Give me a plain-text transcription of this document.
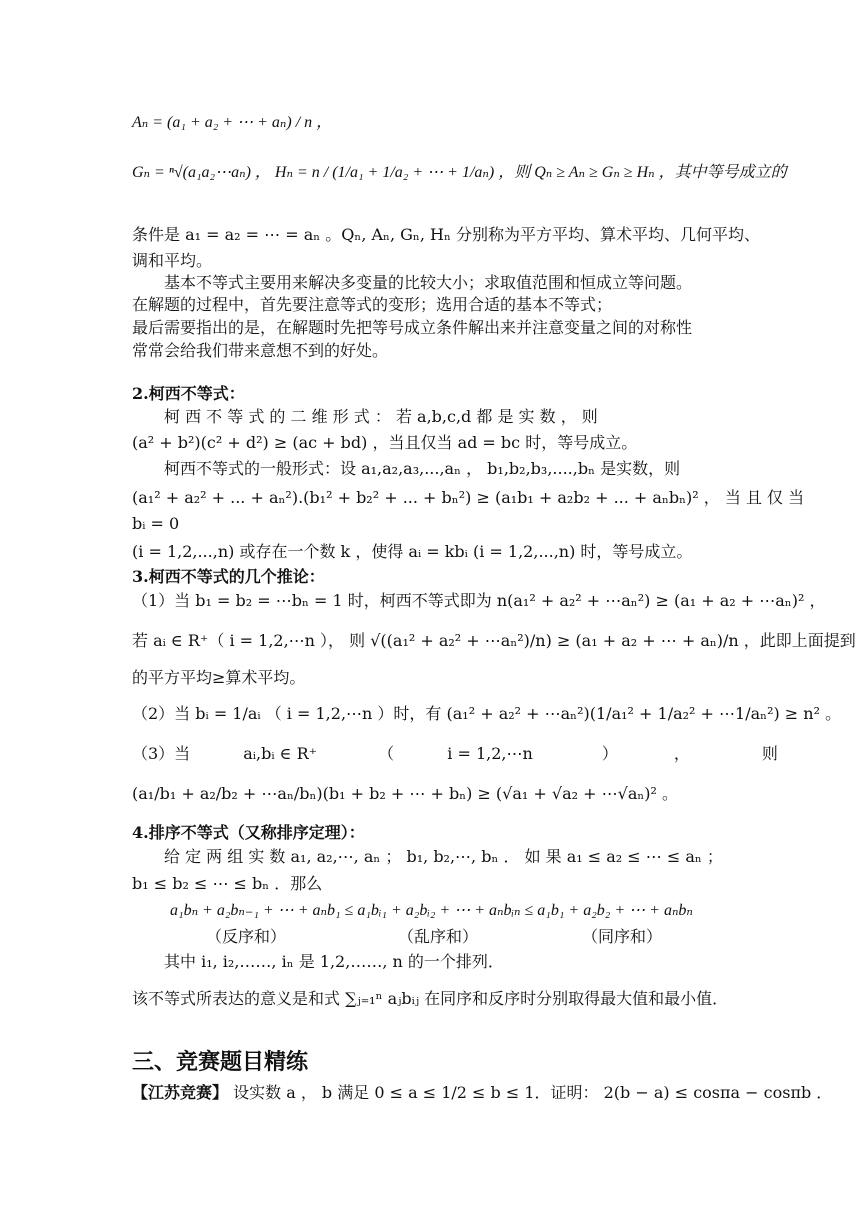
Aₙ = (a₁ + a₂ + ⋯ + aₙ) / n ，
Gₙ = ⁿ√(a₁a₂⋯aₙ) ， Hₙ = n / (1/a₁ + 1/a₂ + ⋯ + 1/aₙ) ，则 Qₙ ≥ Aₙ ≥ Gₙ ≥ Hₙ ，其中等号成立的
条件是 a₁ = a₂ = ⋯ = aₙ 。Qₙ, Aₙ, Gₙ, Hₙ 分别称为平方平均、算术平均、几何平均、
调和平均。
　　基本不等式主要用来解决多变量的比较大小；求取值范围和恒成立等问题。
在解题的过程中，首先要注意等式的变形；选用合适的基本不等式；
最后需要指出的是，在解题时先把等号成立条件解出来并注意变量之间的对称性
常常会给我们带来意想不到的好处。
2.柯西不等式：
　　柯 西 不 等 式 的 二 维 形 式 ： 若 a,b,c,d 都 是 实 数 ， 则
(a² + b²)(c² + d²) ≥ (ac + bd) ，当且仅当 ad = bc 时，等号成立。
　　柯西不等式的一般形式：设 a₁,a₂,a₃,...,aₙ ， b₁,b₂,b₃,....,bₙ 是实数，则
(a₁² + a₂² + ... + aₙ²).(b₁² + b₂² + ... + bₙ²) ≥ (a₁b₁ + a₂b₂ + ... + aₙbₙ)² ， 当 且 仅 当
bᵢ = 0
(i = 1,2,...,n) 或存在一个数 k ，使得 aᵢ = kbᵢ (i = 1,2,...,n) 时，等号成立。
3.柯西不等式的几个推论：
（1）当 b₁ = b₂ = ⋯bₙ = 1 时，柯西不等式即为 n(a₁² + a₂² + ⋯aₙ²) ≥ (a₁ + a₂ + ⋯aₙ)² ，
若 aᵢ ∈ R⁺（ i = 1,2,⋯n ）， 则 √((a₁² + a₂² + ⋯aₙ²)/n) ≥ (a₁ + a₂ + ⋯ + aₙ)/n ，此即上面提到
的平方平均≥算术平均。
（2）当 bᵢ = 1/aᵢ （ i = 1,2,⋯n ）时，有 (a₁² + a₂² + ⋯aₙ²)(1/a₁² + 1/a₂² + ⋯1/aₙ²) ≥ n² 。
（3）当　　　 aᵢ,bᵢ ∈ R⁺ 　　　　（　　　 i = 1,2,⋯n 　　　　）　　　　，　　　　　则
(a₁/b₁ + a₂/b₂ + ⋯aₙ/bₙ)(b₁ + b₂ + ⋯ + bₙ) ≥ (√a₁ + √a₂ + ⋯√aₙ)² 。
4.排序不等式（又称排序定理）：
　　给 定 两 组 实 数 a₁, a₂,⋯, aₙ ； b₁, b₂,⋯, bₙ ． 如 果 a₁ ≤ a₂ ≤ ⋯ ≤ aₙ ；
b₁ ≤ b₂ ≤ ⋯ ≤ bₙ ．那么
a₁bₙ + a₂bₙ₋₁ + ⋯ + aₙb₁ ≤ a₁bᵢ₁ + a₂bᵢ₂ + ⋯ + aₙbᵢₙ ≤ a₁b₁ + a₂b₂ + ⋯ + aₙbₙ
（反序和）	（乱序和）	（同序和）
　　其中 i₁, i₂,……, iₙ 是 1,2,……, n 的一个排列．
该不等式所表达的意义是和式 ∑ⱼ₌₁ⁿ aⱼbᵢⱼ 在同序和反序时分别取得最大值和最小值．
三、竞赛题目精练
【江苏竞赛】 设实数 a ， b 满足 0 ≤ a ≤ 1/2 ≤ b ≤ 1．证明： 2(b − a) ≤ cosπa − cosπb ．
